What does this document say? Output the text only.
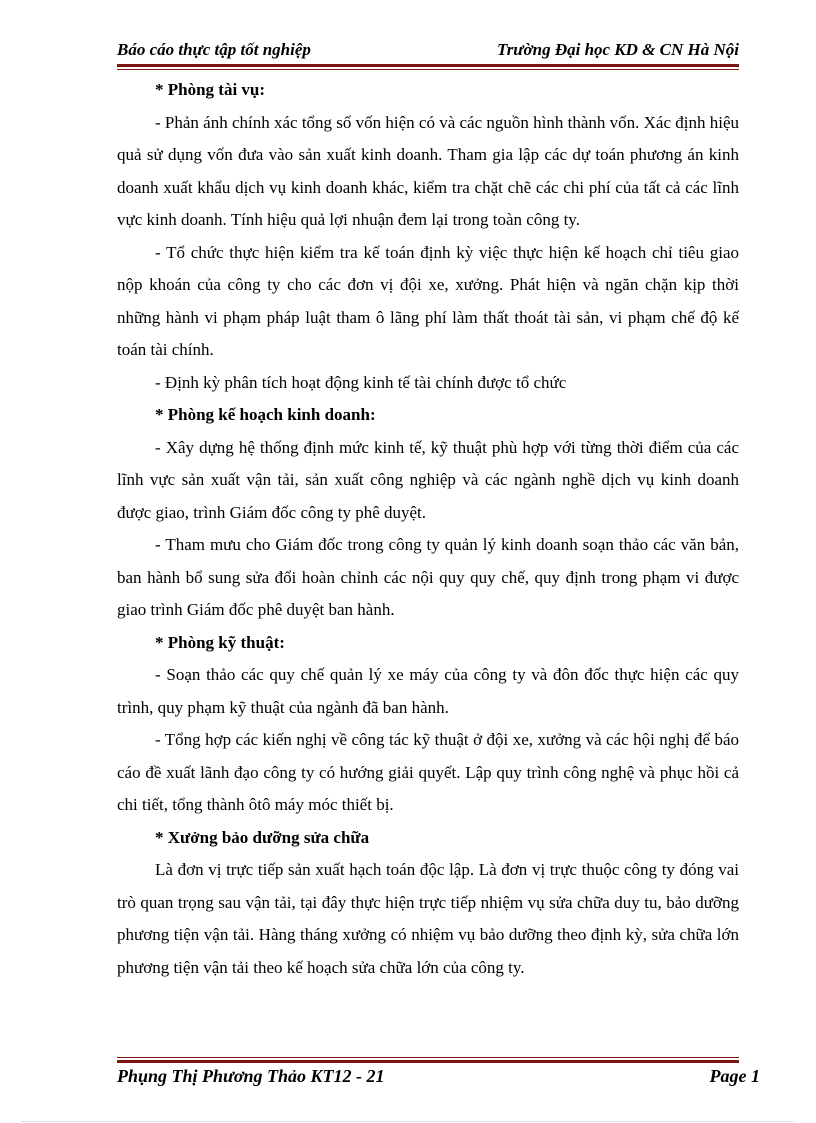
Báo cáo thực tập tốt nghiệp	Trường Đại học KD & CN Hà Nội

* Phòng tài vụ:

- Phản ánh chính xác tổng số vốn hiện có và các nguồn hình thành vốn. Xác định hiệu quả sử dụng vốn đưa vào sản xuất kinh doanh. Tham gia lập các dự toán phương án kinh doanh xuất khẩu dịch vụ kinh doanh khác, kiểm tra chặt chẽ các chi phí của tất cả các lĩnh vực kinh doanh. Tính hiệu quả lợi nhuận đem lại trong toàn công ty.

- Tổ chức thực hiện kiểm tra kế toán định kỳ việc thực hiện kế hoạch chỉ tiêu giao nộp khoán của công ty cho các đơn vị đội xe, xưởng. Phát hiện và ngăn chặn kịp thời những hành vi phạm pháp luật tham ô lãng phí làm thất thoát tài sản, vi phạm chế độ kế toán tài chính.

- Định kỳ phân tích hoạt động kinh tế tài chính được tổ chức

* Phòng kế hoạch kinh doanh:

- Xây dựng hệ thống định mức kinh tế, kỹ thuật phù hợp với từng thời điểm của các lĩnh vực sản xuất vận tải, sản xuất công nghiệp và các ngành nghề dịch vụ kinh doanh được giao, trình Giám đốc công ty phê duyệt.

- Tham mưu cho Giám đốc trong công ty quản lý kinh doanh soạn thảo các văn bản, ban hành bổ sung sửa đổi hoàn chỉnh các nội quy quy chế, quy định trong phạm vi được giao trình Giám đốc phê duyệt ban hành.

* Phòng kỹ thuật:

- Soạn thảo các quy chế quản lý xe máy của công ty và đôn đốc thực hiện các quy trình, quy phạm kỹ thuật của ngành đã ban hành.

- Tổng hợp các kiến nghị về công tác kỹ thuật ở đội xe, xưởng và các hội nghị để báo cáo đề xuất lãnh đạo công ty có hướng giải quyết. Lập quy trình công nghệ và phục hồi cả chi tiết, tổng thành ôtô máy móc thiết bị.

* Xưởng bảo dưỡng sửa chữa

Là đơn vị trực tiếp sản xuất hạch toán độc lập. Là đơn vị trực thuộc công ty đóng vai trò quan trọng sau vận tải, tại đây thực hiện trực tiếp nhiệm vụ sửa chữa duy tu, bảo dưỡng phương tiện vận tải. Hàng tháng xưởng có nhiệm vụ bảo dưỡng theo định kỳ, sửa chữa lớn phương tiện vận tải theo kế hoạch sửa chữa lớn của công ty.

Phụng Thị Phương Thảo KT12 - 21	Page 1
